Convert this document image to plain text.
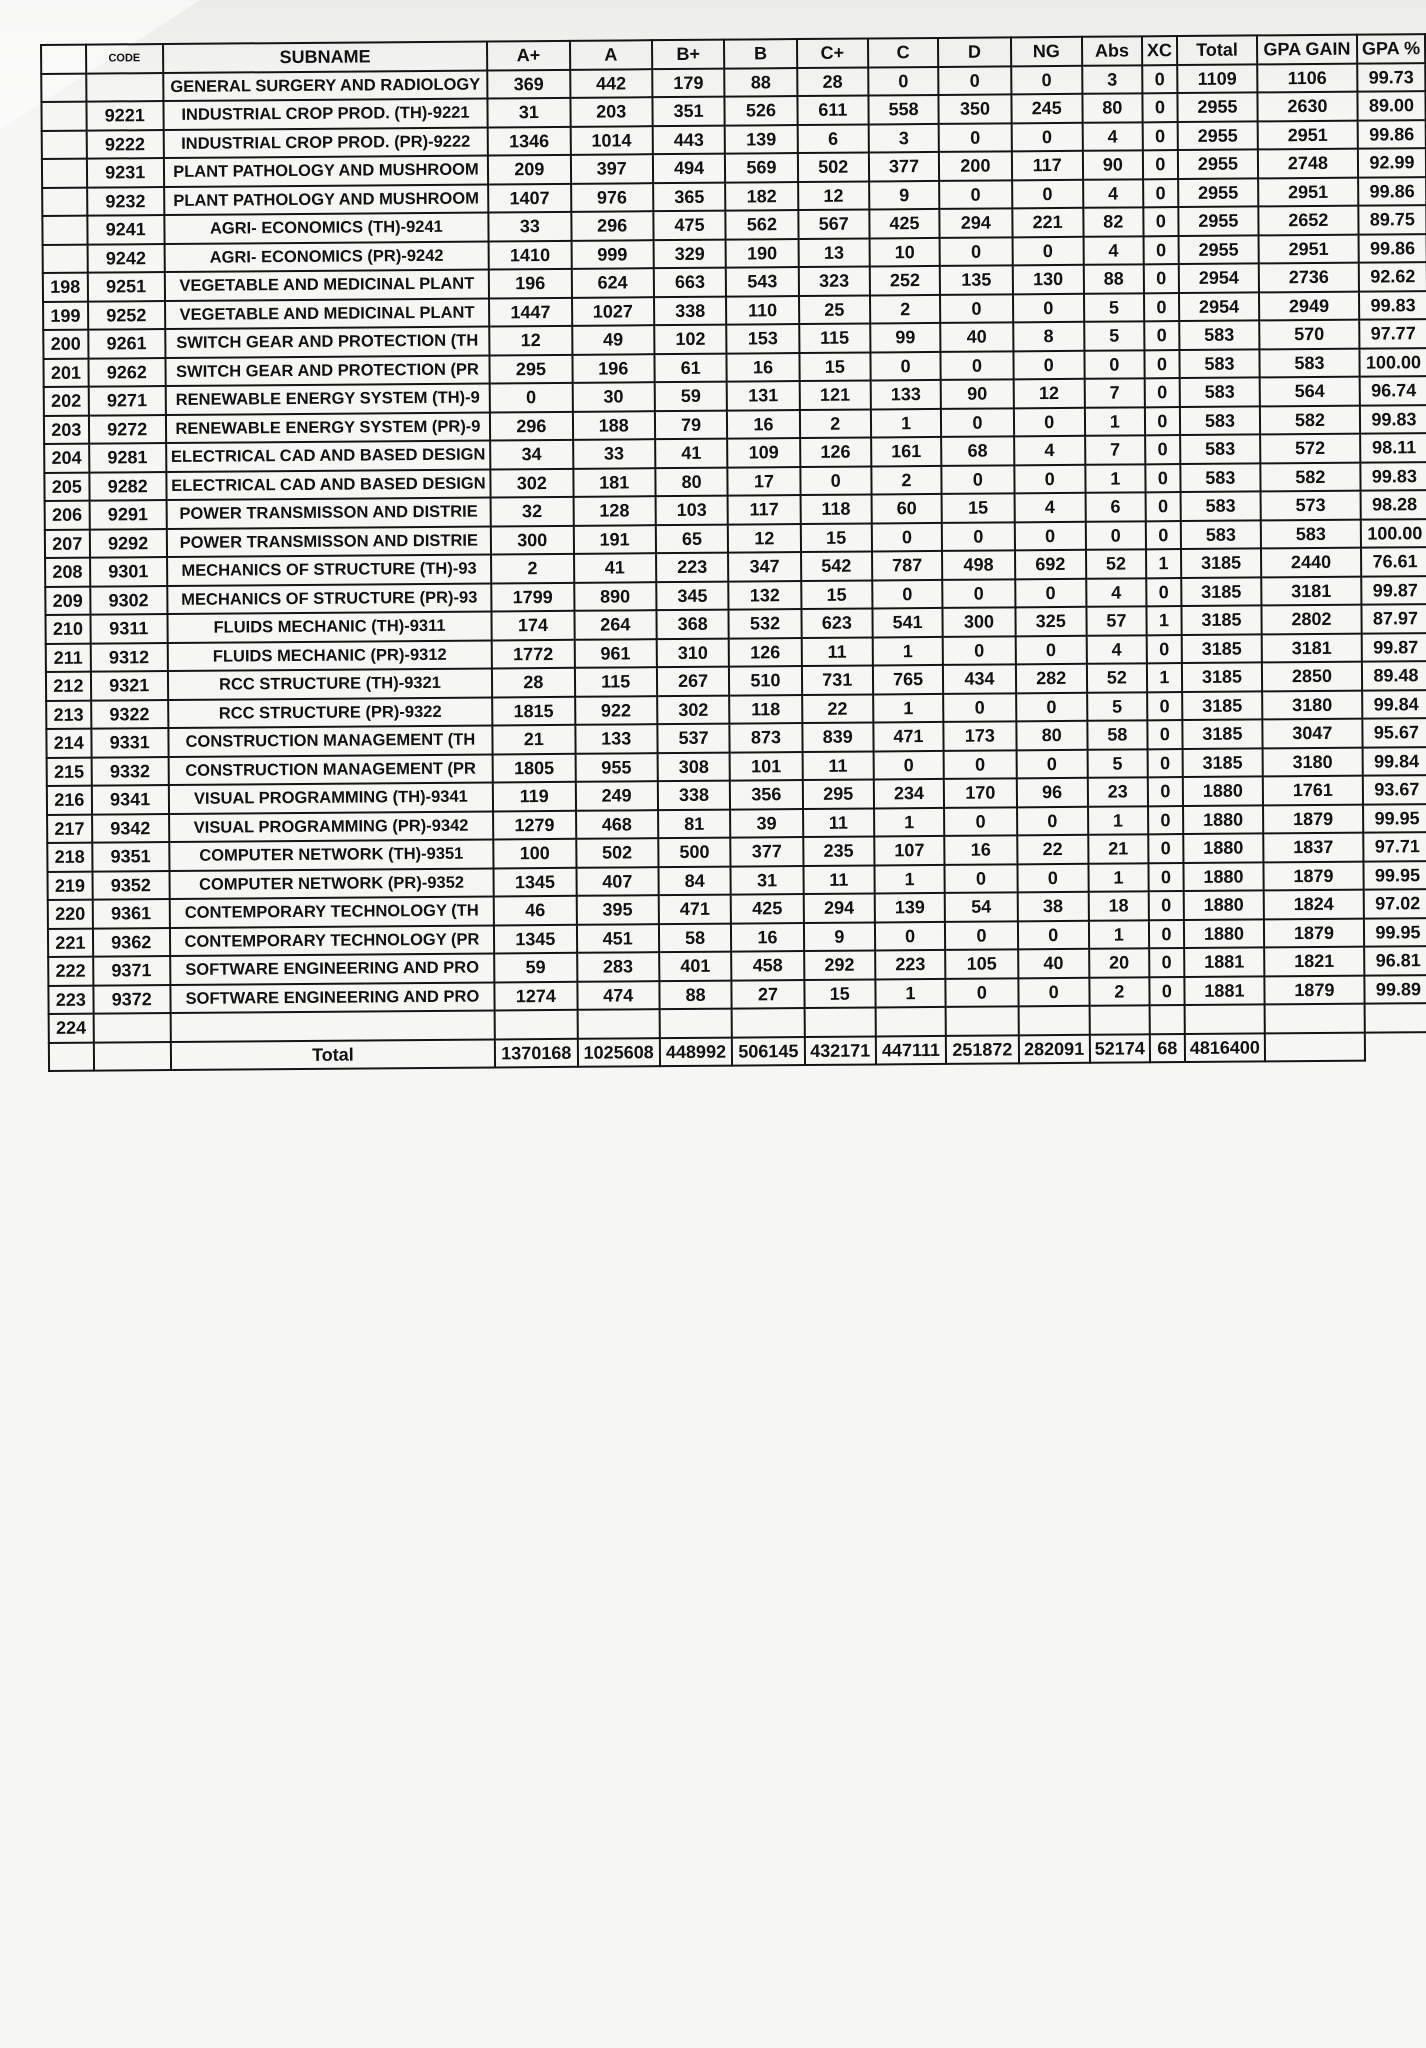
	CODE	SUBNAME	A+	A	B+	B	C+	C	D	NG	Abs	XC	Total	GPA GAIN	GPA %
		GENERAL SURGERY AND RADIOLOGY	369	442	179	88	28	0	0	0	3	0	1109	1106	99.73
	9221	INDUSTRIAL CROP PROD. (TH)-9221	31	203	351	526	611	558	350	245	80	0	2955	2630	89.00
	9222	INDUSTRIAL CROP PROD. (PR)-9222	1346	1014	443	139	6	3	0	0	4	0	2955	2951	99.86
	9231	PLANT PATHOLOGY AND MUSHROOM	209	397	494	569	502	377	200	117	90	0	2955	2748	92.99
	9232	PLANT PATHOLOGY AND MUSHROOM	1407	976	365	182	12	9	0	0	4	0	2955	2951	99.86
	9241	AGRI- ECONOMICS (TH)-9241	33	296	475	562	567	425	294	221	82	0	2955	2652	89.75
	9242	AGRI- ECONOMICS (PR)-9242	1410	999	329	190	13	10	0	0	4	0	2955	2951	99.86
198	9251	VEGETABLE AND MEDICINAL PLANT	196	624	663	543	323	252	135	130	88	0	2954	2736	92.62
199	9252	VEGETABLE AND MEDICINAL PLANT	1447	1027	338	110	25	2	0	0	5	0	2954	2949	99.83
200	9261	SWITCH GEAR AND PROTECTION (TH	12	49	102	153	115	99	40	8	5	0	583	570	97.77
201	9262	SWITCH GEAR AND PROTECTION (PR	295	196	61	16	15	0	0	0	0	0	583	583	100.00
202	9271	RENEWABLE ENERGY SYSTEM (TH)-9	0	30	59	131	121	133	90	12	7	0	583	564	96.74
203	9272	RENEWABLE ENERGY SYSTEM (PR)-9	296	188	79	16	2	1	0	0	1	0	583	582	99.83
204	9281	ELECTRICAL CAD AND BASED DESIGN	34	33	41	109	126	161	68	4	7	0	583	572	98.11
205	9282	ELECTRICAL CAD AND BASED DESIGN	302	181	80	17	0	2	0	0	1	0	583	582	99.83
206	9291	POWER TRANSMISSON AND DISTRIE	32	128	103	117	118	60	15	4	6	0	583	573	98.28
207	9292	POWER TRANSMISSON AND DISTRIE	300	191	65	12	15	0	0	0	0	0	583	583	100.00
208	9301	MECHANICS OF STRUCTURE (TH)-93	2	41	223	347	542	787	498	692	52	1	3185	2440	76.61
209	9302	MECHANICS OF STRUCTURE (PR)-93	1799	890	345	132	15	0	0	0	4	0	3185	3181	99.87
210	9311	FLUIDS MECHANIC (TH)-9311	174	264	368	532	623	541	300	325	57	1	3185	2802	87.97
211	9312	FLUIDS MECHANIC (PR)-9312	1772	961	310	126	11	1	0	0	4	0	3185	3181	99.87
212	9321	RCC STRUCTURE (TH)-9321	28	115	267	510	731	765	434	282	52	1	3185	2850	89.48
213	9322	RCC STRUCTURE (PR)-9322	1815	922	302	118	22	1	0	0	5	0	3185	3180	99.84
214	9331	CONSTRUCTION MANAGEMENT (TH	21	133	537	873	839	471	173	80	58	0	3185	3047	95.67
215	9332	CONSTRUCTION MANAGEMENT (PR	1805	955	308	101	11	0	0	0	5	0	3185	3180	99.84
216	9341	VISUAL PROGRAMMING (TH)-9341	119	249	338	356	295	234	170	96	23	0	1880	1761	93.67
217	9342	VISUAL PROGRAMMING (PR)-9342	1279	468	81	39	11	1	0	0	1	0	1880	1879	99.95
218	9351	COMPUTER NETWORK (TH)-9351	100	502	500	377	235	107	16	22	21	0	1880	1837	97.71
219	9352	COMPUTER NETWORK (PR)-9352	1345	407	84	31	11	1	0	0	1	0	1880	1879	99.95
220	9361	CONTEMPORARY TECHNOLOGY (TH	46	395	471	425	294	139	54	38	18	0	1880	1824	97.02
221	9362	CONTEMPORARY TECHNOLOGY (PR	1345	451	58	16	9	0	0	0	1	0	1880	1879	99.95
222	9371	SOFTWARE ENGINEERING AND PRO	59	283	401	458	292	223	105	40	20	0	1881	1821	96.81
223	9372	SOFTWARE ENGINEERING AND PRO	1274	474	88	27	15	1	0	0	2	0	1881	1879	99.89
224															
		Total	1370168	1025608	448992	506145	432171	447111	251872	282091	52174	68	4816400		
